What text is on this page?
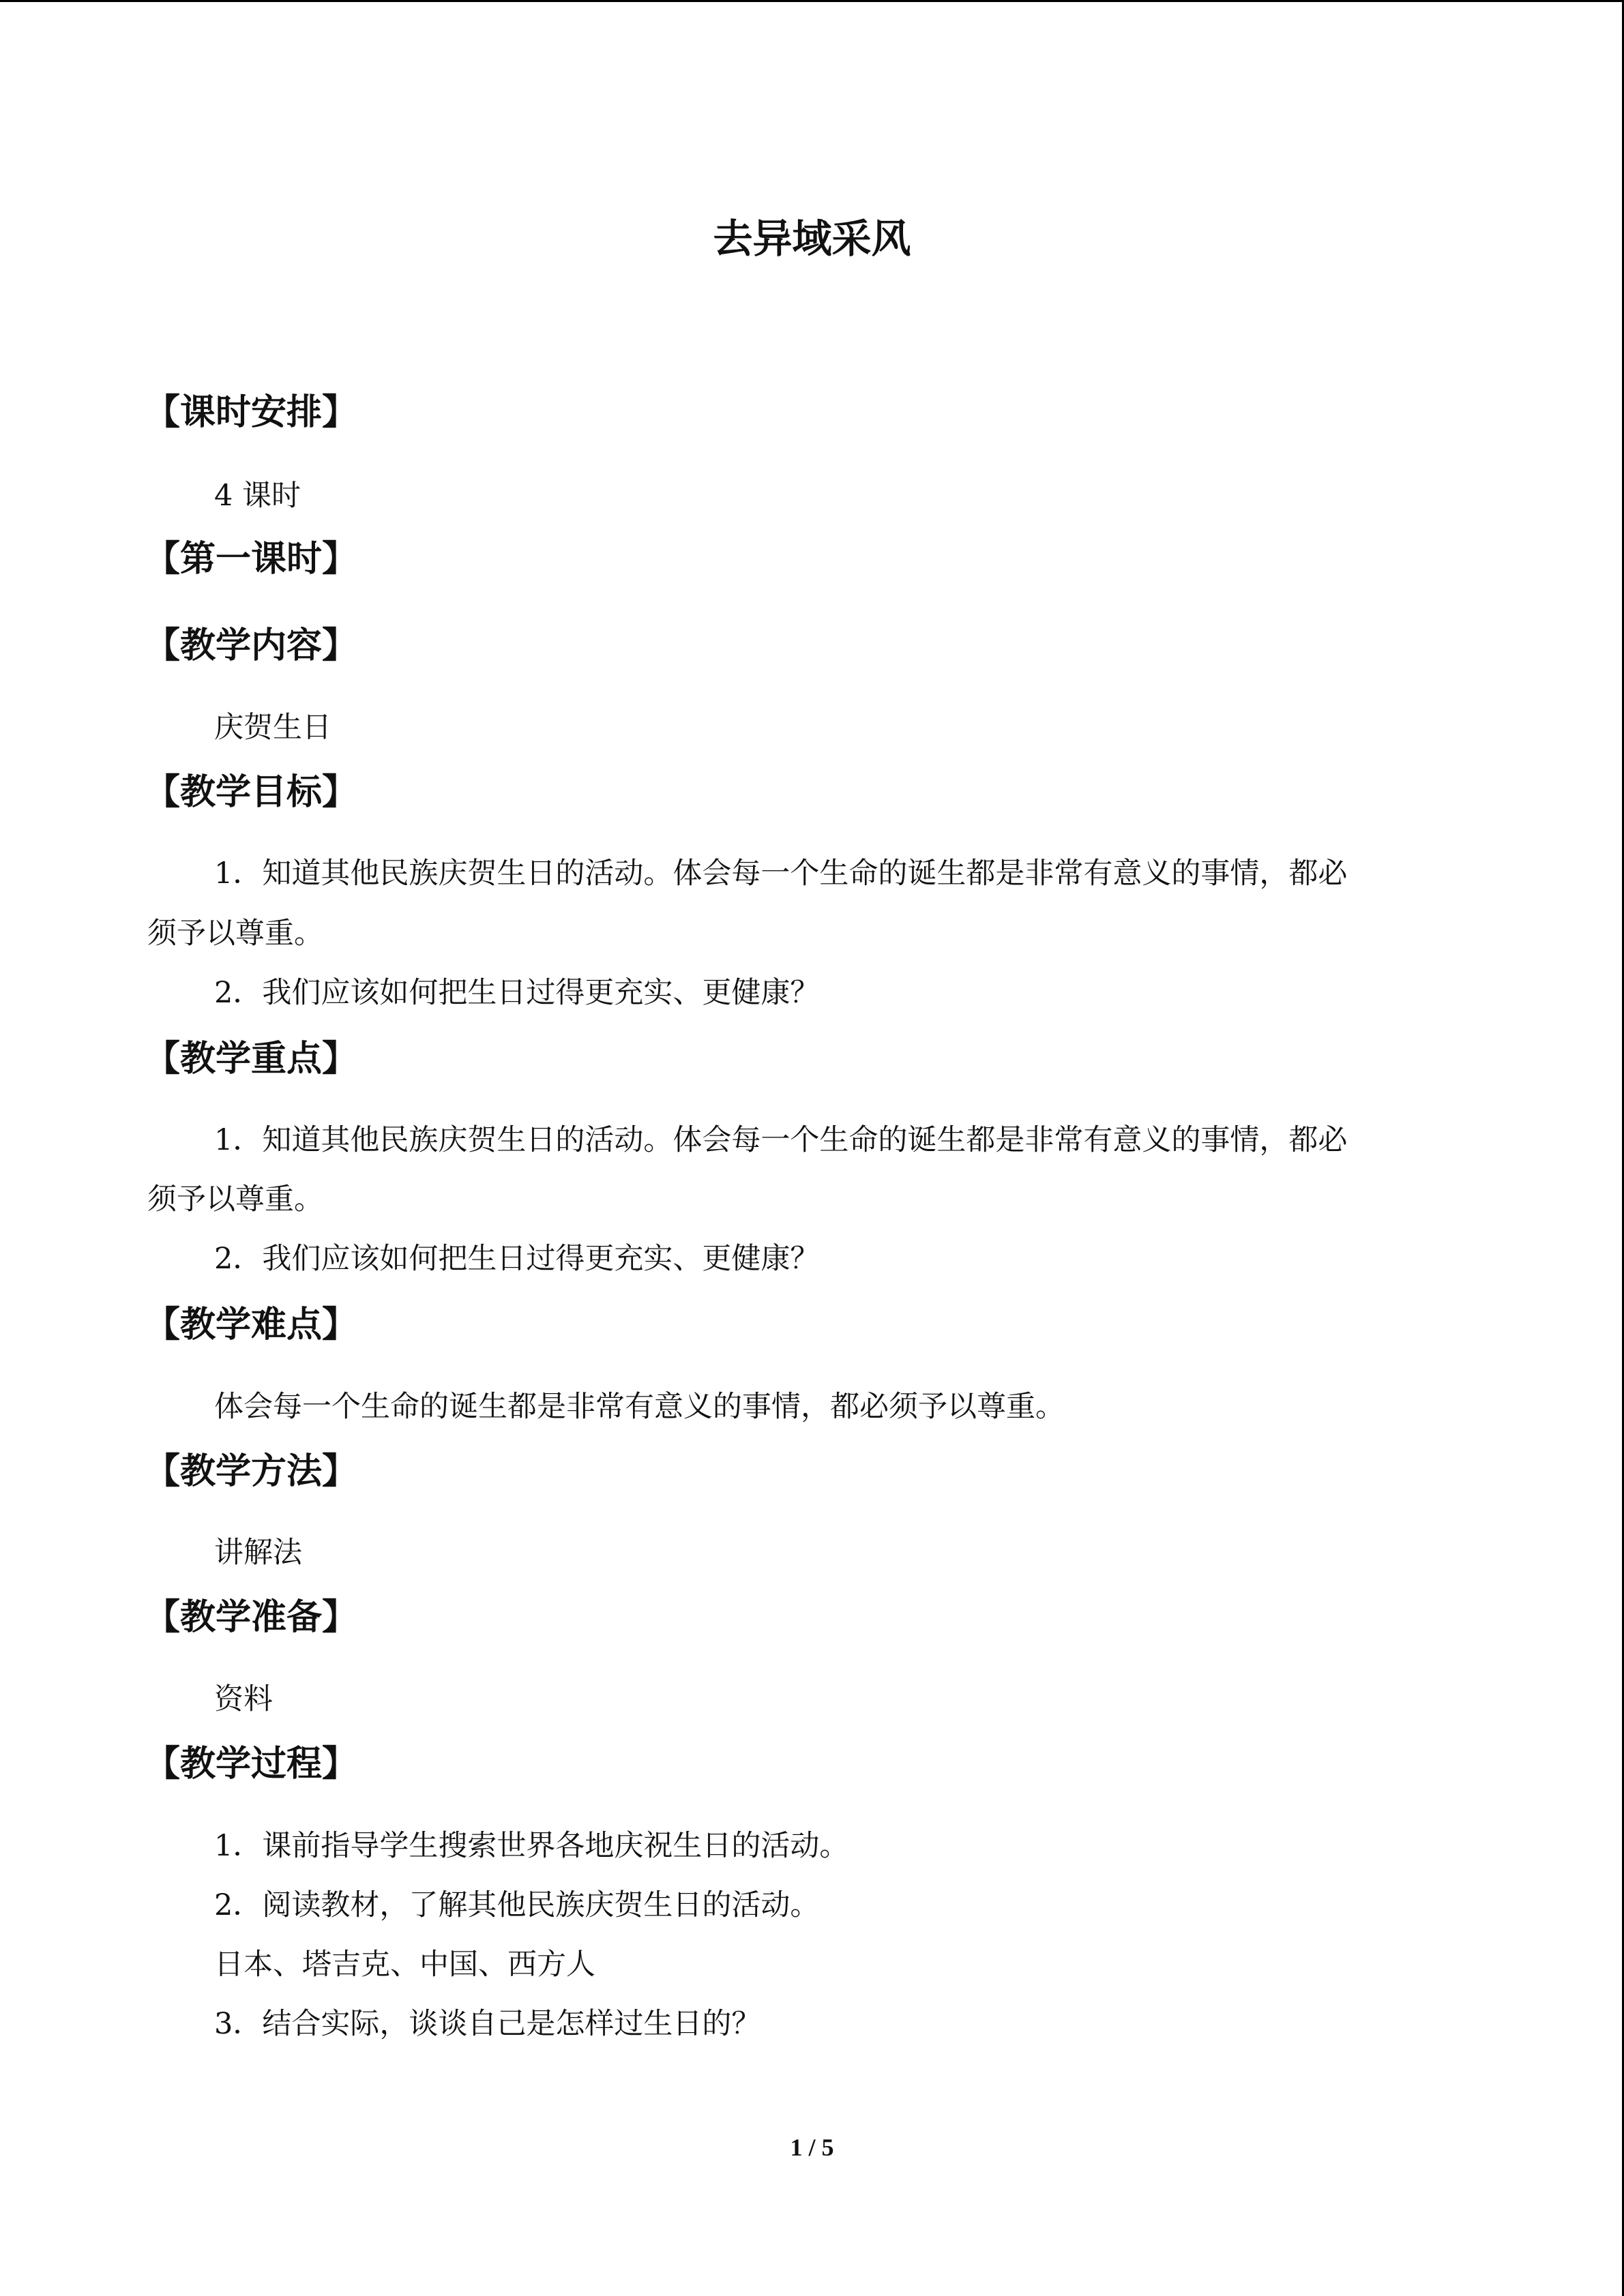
去异域采风
【课时安排】
4 课时
【第一课时】
【教学内容】
庆贺生日
【教学目标】
1．知道其他民族庆贺生日的活动。体会每一个生命的诞生都是非常有意义的事情，都必
须予以尊重。
2．我们应该如何把生日过得更充实、更健康？
【教学重点】
1．知道其他民族庆贺生日的活动。体会每一个生命的诞生都是非常有意义的事情，都必
须予以尊重。
2．我们应该如何把生日过得更充实、更健康？
【教学难点】
体会每一个生命的诞生都是非常有意义的事情，都必须予以尊重。
【教学方法】
讲解法
【教学准备】
资料
【教学过程】
1．课前指导学生搜索世界各地庆祝生日的活动。
2．阅读教材，了解其他民族庆贺生日的活动。
日本、塔吉克、中国、西方人
3．结合实际，谈谈自己是怎样过生日的？
1 / 5
